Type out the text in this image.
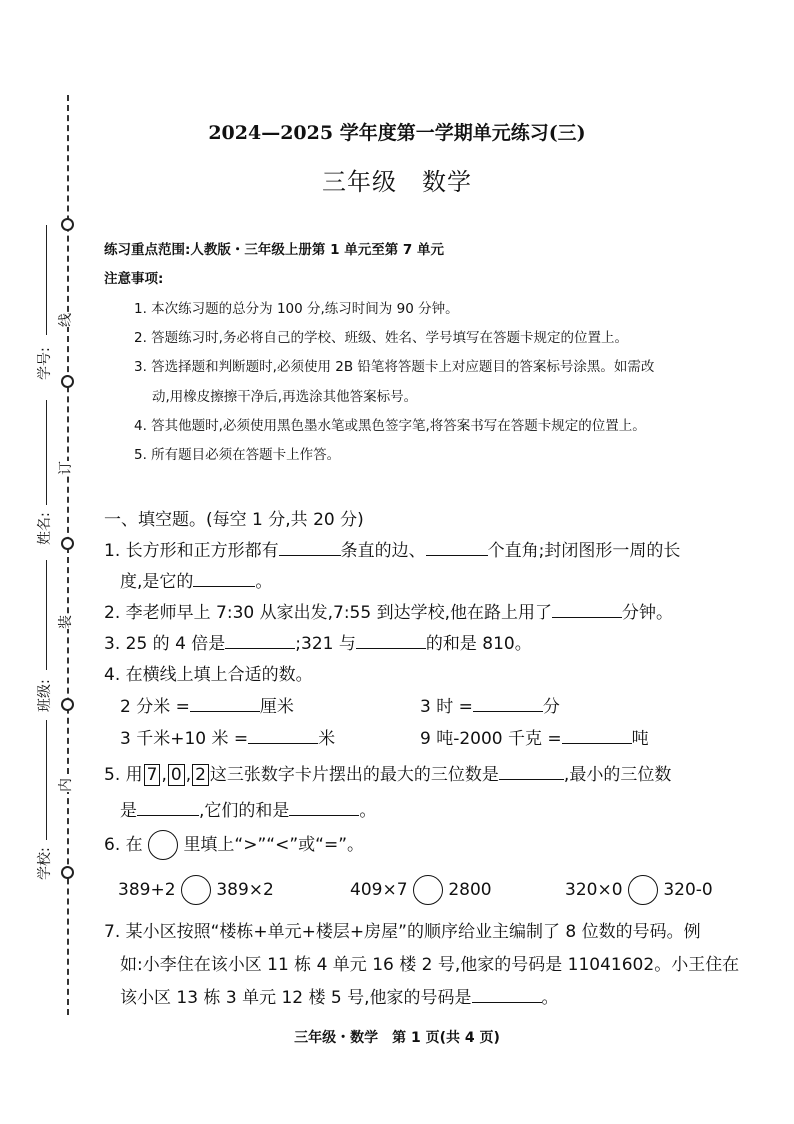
线
订
装
内
学号:
姓名:
班级:
学校:
2024—2025 学年度第一学期单元练习(三)
三年级　数学
练习重点范围:人教版・三年级上册第 1 单元至第 7 单元
注意事项:
1. 本次练习题的总分为 100 分,练习时间为 90 分钟。
2. 答题练习时,务必将自己的学校、班级、姓名、学号填写在答题卡规定的位置上。
3. 答选择题和判断题时,必须使用 2B 铅笔将答题卡上对应题目的答案标号涂黑。如需改
动,用橡皮擦擦干净后,再选涂其他答案标号。
4. 答其他题时,必须使用黑色墨水笔或黑色签字笔,将答案书写在答题卡规定的位置上。
5. 所有题目必须在答题卡上作答。
一、填空题。(每空 1 分,共 20 分)
1. 长方形和正方形都有	条直的边、	个直角;封闭图形一周的长
度,是它的	。
2. 李老师早上 7:30 从家出发,7:55 到达学校,他在路上用了	分钟。
3. 25 的 4 倍是	;321 与	的和是 810。
4. 在横线上填上合适的数。
2 分米 =	厘米	3 时 =	分
3 千米+10 米 =	米	9 吨-2000 千克 =	吨
5. 用 7 , 0 , 2 这三张数字卡片摆出的最大的三位数是	,最小的三位数
是	,它们的和是	。
6. 在 里填上“>”“<”或“=”。
389+2 389×2	409×7 2800	320×0 320-0
7. 某小区按照“楼栋+单元+楼层+房屋”的顺序给业主编制了 8 位数的号码。例
如:小李住在该小区 11 栋 4 单元 16 楼 2 号,他家的号码是 11041602。小王住在
该小区 13 栋 3 单元 12 楼 5 号,他家的号码是	。
三年级・数学　第 1 页(共 4 页)
